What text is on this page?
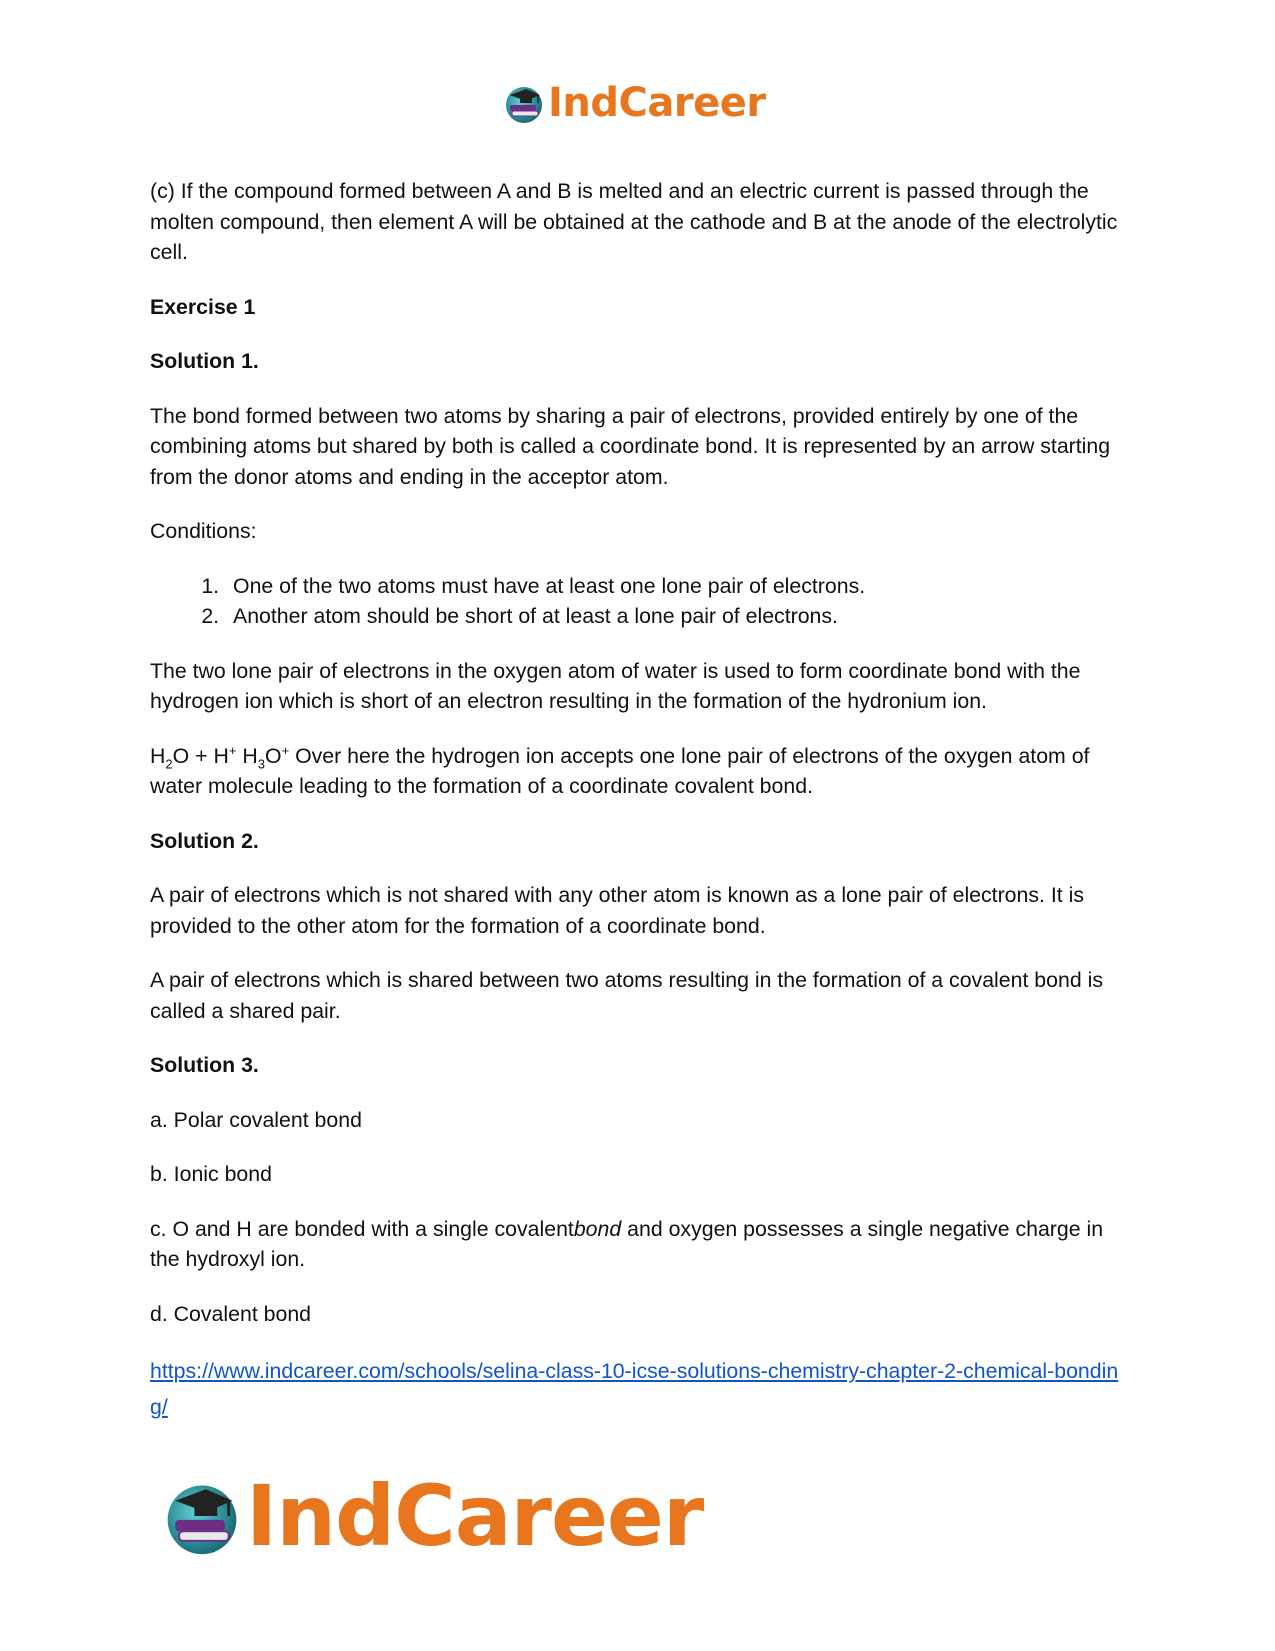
IndCareer

(c) If the compound formed between A and B is melted and an electric current is passed through the molten compound, then element A will be obtained at the cathode and B at the anode of the electrolytic cell.

Exercise 1

Solution 1.

The bond formed between two atoms by sharing a pair of electrons, provided entirely by one of the combining atoms but shared by both is called a coordinate bond. It is represented by an arrow starting from the donor atoms and ending in the acceptor atom.

Conditions:

1. One of the two atoms must have at least one lone pair of electrons.
2. Another atom should be short of at least a lone pair of electrons.

The two lone pair of electrons in the oxygen atom of water is used to form coordinate bond with the hydrogen ion which is short of an electron resulting in the formation of the hydronium ion.

$H_2O + H^+$ $H_3O^+$ Over here the hydrogen ion accepts one lone pair of electrons of the oxygen atom of water molecule leading to the formation of a coordinate covalent bond.

Solution 2.

A pair of electrons which is not shared with any other atom is known as a lone pair of electrons. It is provided to the other atom for the formation of a coordinate bond.

A pair of electrons which is shared between two atoms resulting in the formation of a covalent bond is called a shared pair.

Solution 3.

a. Polar covalent bond

b. Ionic bond

c. O and H are bonded with a single covalentbond and oxygen possesses a single negative charge in the hydroxyl ion.

d. Covalent bond

https://www.indcareer.com/schools/selina-class-10-icse-solutions-chemistry-chapter-2-chemical-bonding/
IndCareer
